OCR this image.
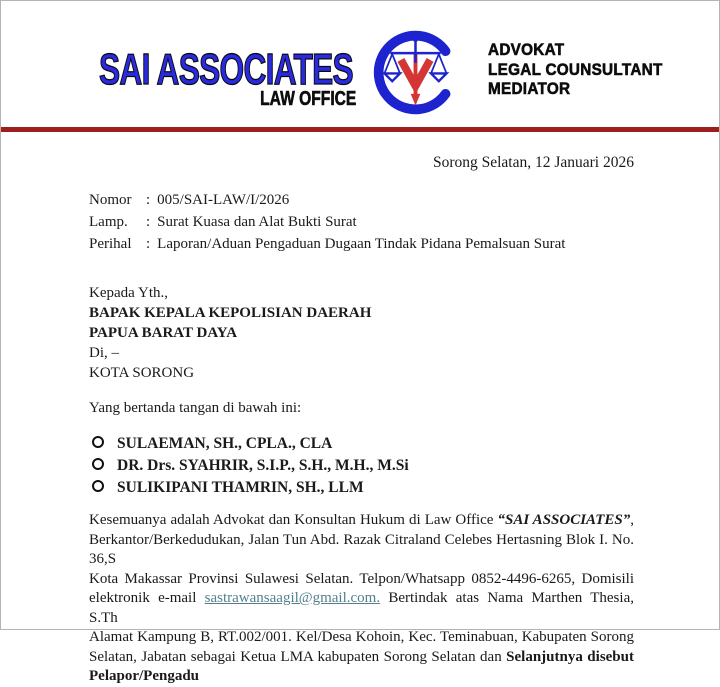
SAI ASSOCIATES
LAW OFFICE
ADVOKAT
LEGAL COUNSULTANT
MEDIATOR
Sorong Selatan, 12 Januari 2026
Nomor : 005/SAI-LAW/I/2026
Lamp. : Surat Kuasa dan Alat Bukti Surat
Perihal : Laporan/Aduan Pengaduan Dugaan Tindak Pidana Pemalsuan Surat
Kepada Yth.,
BAPAK KEPALA KEPOLISIAN DAERAH
PAPUA BARAT DAYA
Di, –
KOTA SORONG
Yang bertanda tangan di bawah ini:
SULAEMAN, SH., CPLA., CLA
DR. Drs. SYAHRIR, S.I.P., S.H., M.H., M.Si
SULIKIPANI THAMRIN, SH., LLM
Kesemuanya adalah Advokat dan Konsultan Hukum di Law Office “SAI ASSOCIATES”,
Berkantor/Berkedudukan, Jalan Tun Abd. Razak Citraland Celebes Hertasning Blok I. No. 36,S
Kota Makassar Provinsi Sulawesi Selatan. Telpon/Whatsapp 0852-4496-6265, Domisili
elektronik e-mail sastrawansaagil@gmail.com. Bertindak atas Nama Marthen Thesia, S.Th
Alamat Kampung B, RT.002/001. Kel/Desa Kohoin, Kec. Teminabuan, Kabupaten Sorong
Selatan, Jabatan sebagai Ketua LMA kabupaten Sorong Selatan dan Selanjutnya disebut
Pelapor/Pengadu
